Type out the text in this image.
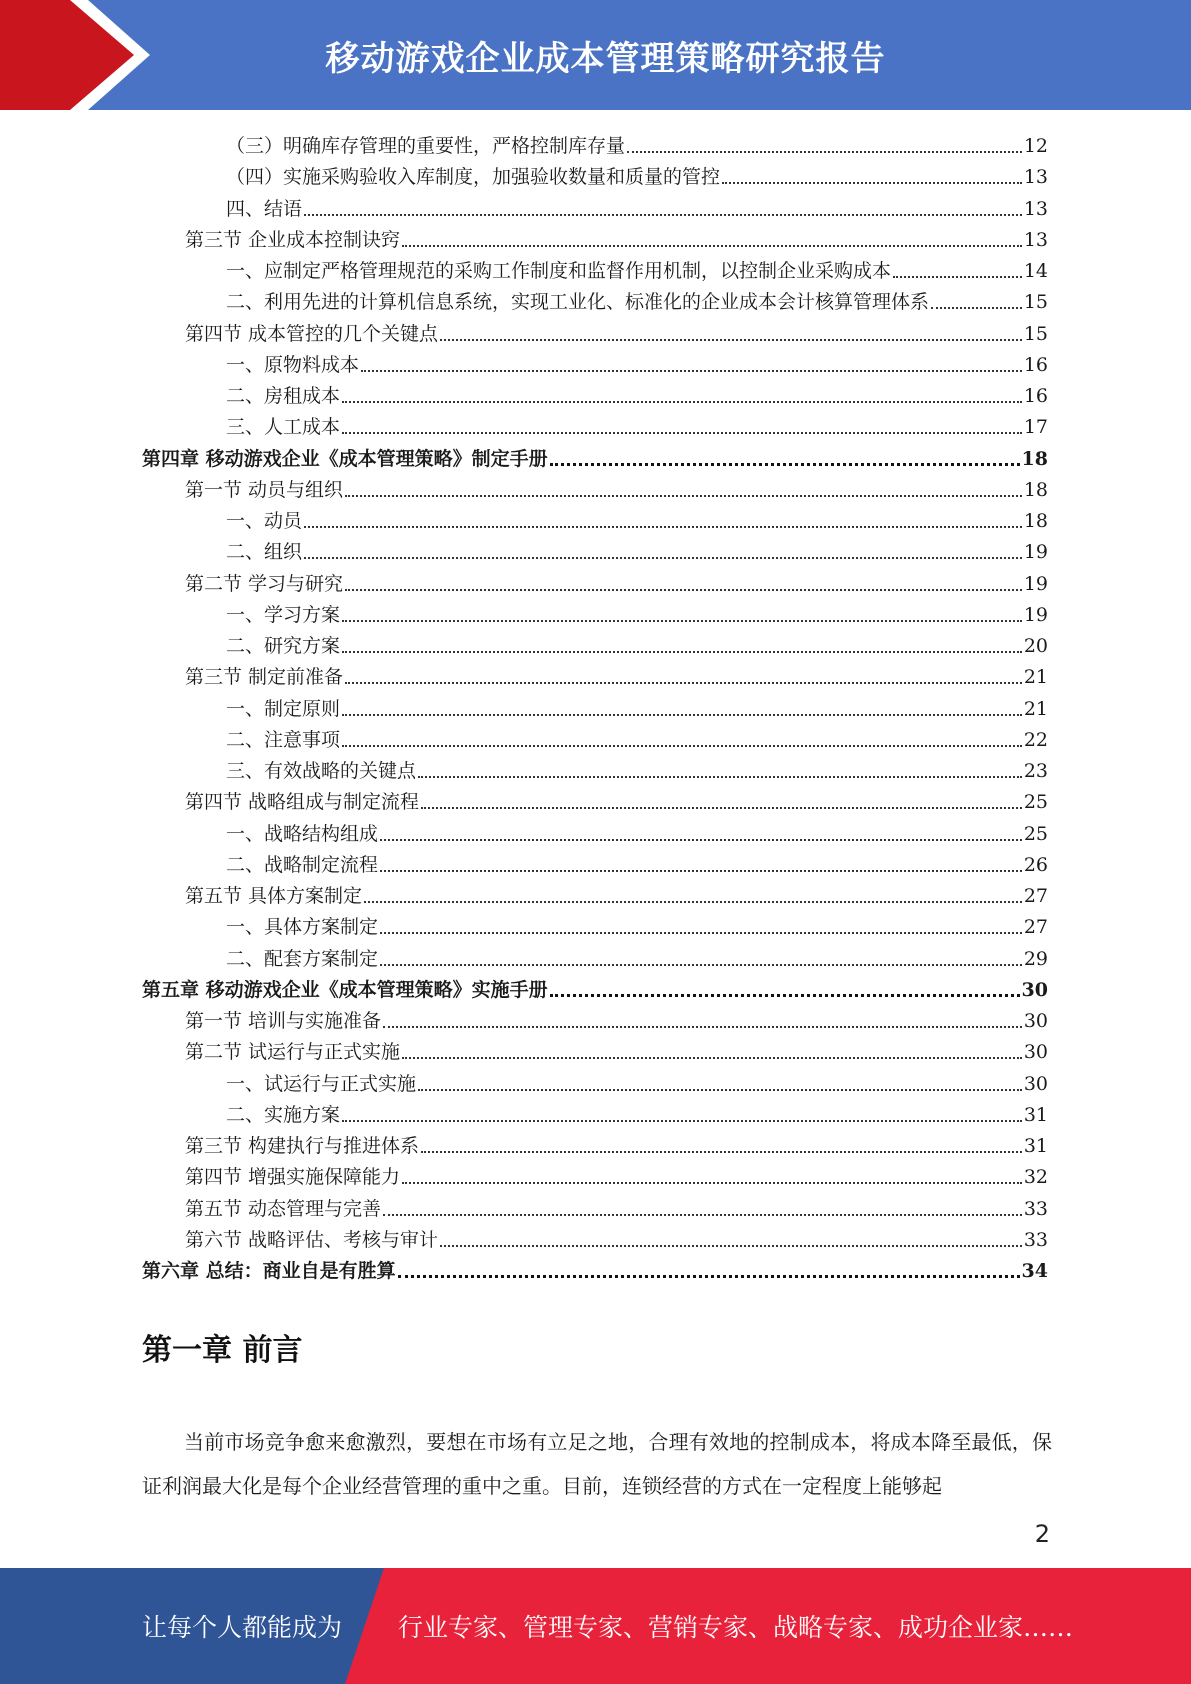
移动游戏企业成本管理策略研究报告
（三）明确库存管理的重要性，严格控制库存量	12
（四）实施采购验收入库制度，加强验收数量和质量的管控	13
四、结语	13
第三节 企业成本控制诀窍	13
一、应制定严格管理规范的采购工作制度和监督作用机制，以控制企业采购成本	14
二、利用先进的计算机信息系统，实现工业化、标准化的企业成本会计核算管理体系	15
第四节 成本管控的几个关键点	15
一、原物料成本	16
二、房租成本	16
三、人工成本	17
第四章 移动游戏企业《成本管理策略》制定手册	18
第一节 动员与组织	18
一、动员	18
二、组织	19
第二节 学习与研究	19
一、学习方案	19
二、研究方案	20
第三节 制定前准备	21
一、制定原则	21
二、注意事项	22
三、有效战略的关键点	23
第四节 战略组成与制定流程	25
一、战略结构组成	25
二、战略制定流程	26
第五节 具体方案制定	27
一、具体方案制定	27
二、配套方案制定	29
第五章 移动游戏企业《成本管理策略》实施手册	30
第一节 培训与实施准备	30
第二节 试运行与正式实施	30
一、试运行与正式实施	30
二、实施方案	31
第三节 构建执行与推进体系	31
第四节 增强实施保障能力	32
第五节 动态管理与完善	33
第六节 战略评估、考核与审计	33
第六章 总结：商业自是有胜算	34
第一章 前言
当前市场竞争愈来愈激烈，要想在市场有立足之地，合理有效地的控制成本，将成本降至最低，保证利润最大化是每个企业经营管理的重中之重。目前，连锁经营的方式在一定程度上能够起
2
让每个人都能成为 行业专家、管理专家、营销专家、战略专家、成功企业家……
